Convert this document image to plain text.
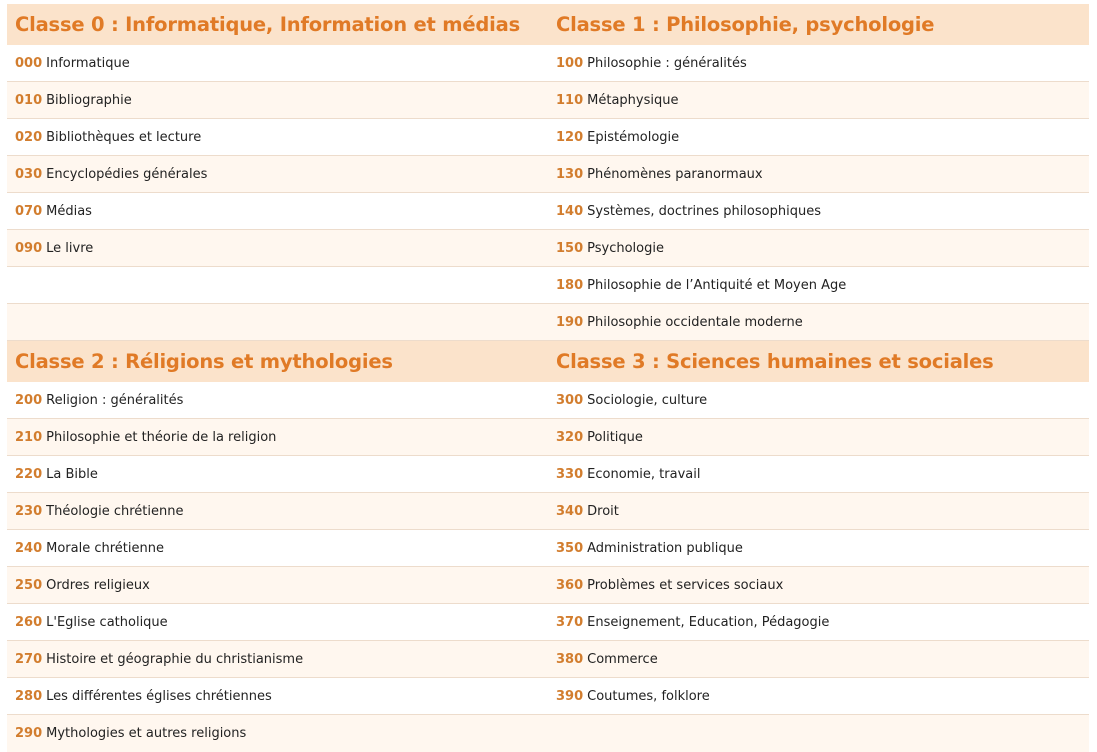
Classe 0 : Informatique, Information et médias
000 Informatique
010 Bibliographie
020 Bibliothèques et lecture
030 Encyclopédies générales
070 Médias
090 Le livre
Classe 1 : Philosophie, psychologie
100 Philosophie : généralités
110 Métaphysique
120 Epistémologie
130 Phénomènes paranormaux
140 Systèmes, doctrines philosophiques
150 Psychologie
180 Philosophie de l’Antiquité et Moyen Age
190 Philosophie occidentale moderne
Classe 2 : Réligions et mythologies
200 Religion : généralités
210 Philosophie et théorie de la religion
220 La Bible
230 Théologie chrétienne
240 Morale chrétienne
250 Ordres religieux
260 L'Eglise catholique
270 Histoire et géographie du christianisme
280 Les différentes églises chrétiennes
290 Mythologies et autres religions
Classe 3 : Sciences humaines et sociales
300 Sociologie, culture
320 Politique
330 Economie, travail
340 Droit
350 Administration publique
360 Problèmes et services sociaux
370 Enseignement, Education, Pédagogie
380 Commerce
390 Coutumes, folklore
